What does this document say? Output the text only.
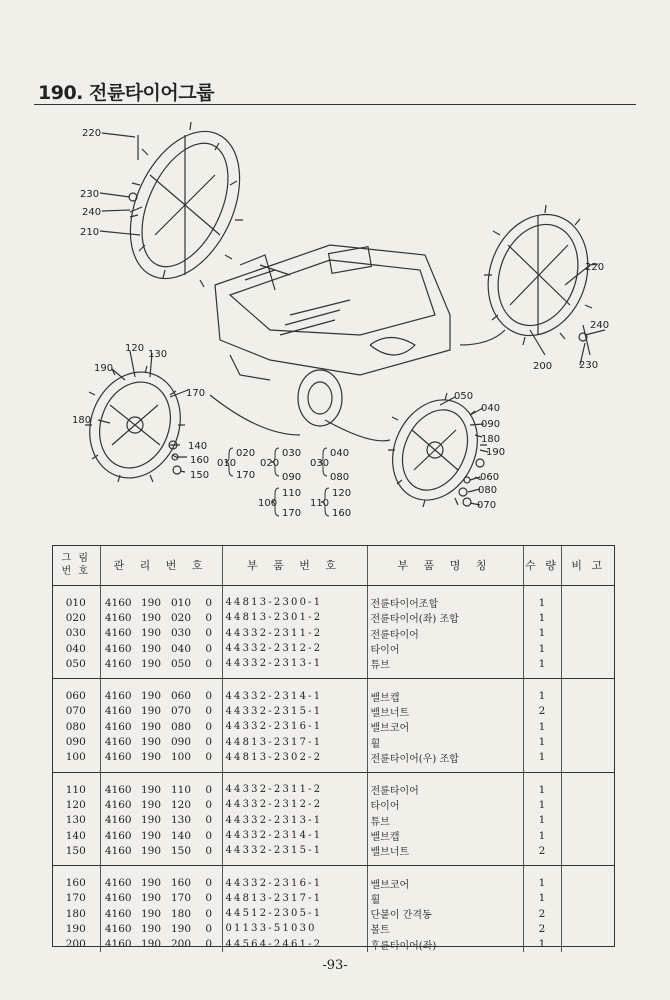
190. 전륜타이어그룹
220
230
240
210
220
240
200	230
120
130
190
170
180
140
160
150
050
040
090
180
190
060
080
070
010
020
170
020
030
090
030
040
080
100
110
170
110
120
160
그 림
번 호	관 리 번 호				부 품 번 호	부 품 명 칭	수 량	비 고
010	4160	190	010	0	44813-2300-1	전륜타이어조합	1	
020	4160	190	020	0	44813-2301-2	전륜타이어(좌) 조합	1	
030	4160	190	030	0	44332-2311-2	전륜타이어	1	
040	4160	190	040	0	44332-2312-2	타이어	1	
050	4160	190	050	0	44332-2313-1	튜브	1	
060	4160	190	060	0	44332-2314-1	밸브캡	1	
070	4160	190	070	0	44332-2315-1	밸브너트	2	
080	4160	190	080	0	44332-2316-1	밸브코어	1	
090	4160	190	090	0	44813-2317-1	휠	1	
100	4160	190	100	0	44813-2302-2	전륜타이어(우) 조합	1	
110	4160	190	110	0	44332-2311-2	전륜타이어	1	
120	4160	190	120	0	44332-2312-2	타이어	1	
130	4160	190	130	0	44332-2313-1	튜브	1	
140	4160	190	140	0	44332-2314-1	밸브캡	1	
150	4160	190	150	0	44332-2315-1	밸브너트	2	
160	4160	190	160	0	44332-2316-1	밸브코어	1	
170	4160	190	170	0	44813-2317-1	휠	1	
180	4160	190	180	0	44512-2305-1	단붙이 간격동	2	
190	4160	190	190	0	01133-51030	볼트	2	
200	4160	190	200	0	44564-2461-2	후륜타이어(좌)	1	
-93-
